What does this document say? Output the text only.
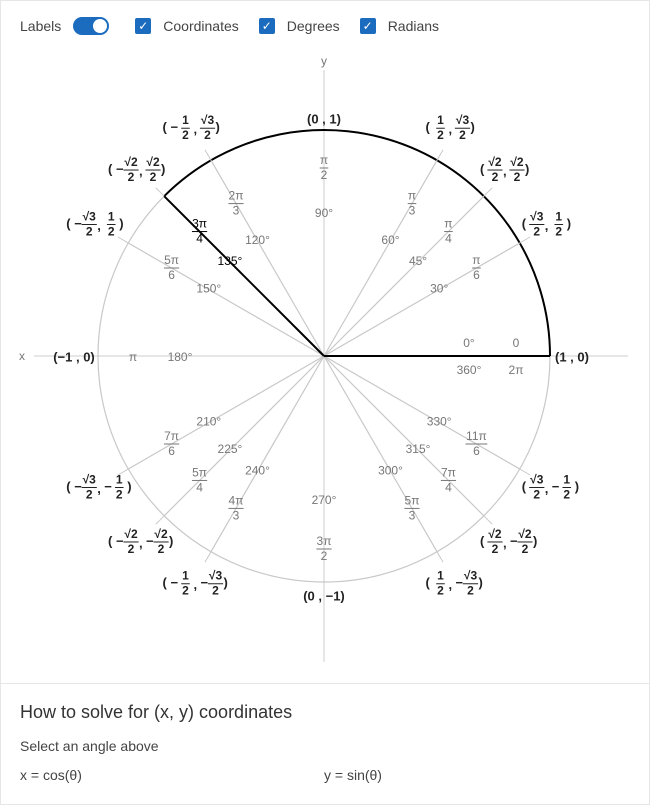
Labels	✓ Coordinates ✓ Degrees ✓ Radians
x
y
0°	0
360° 2π
(1 , 0)
30°
π
6
( √3
2 ,
1
2
)
45°
π
4
( √2
2 ,
√2
2
)
60°
π
3
( 1
2 ,
√3
2
)
90°
π
2
(0 , 1)
120°
2π
3
( − 1
2 ,
√3
2
)
135°
3π
4
( − √2
2 ,
√2
2
)
150°
5π
6
( − √3
2 ,
1
2
)
180°
π
(−1 , 0)
210°
7π
6
( − √3
2 , − 1
2
)
225°
5π
4
( − √2
2 , − √2
2
)
240°
4π
3
( − 1
2 , − √3
2
)
270°
3π
2
(0 , −1)
300°
5π
3
( 1
2 , − √3
2
)
315°
7π
4
( √2
2 , − √2
2
)
330°
11π
6
( √3
2 , − 1
2
)
How to solve for (x, y) coordinates
Select an angle above
x = cos(θ)	y = sin(θ)
